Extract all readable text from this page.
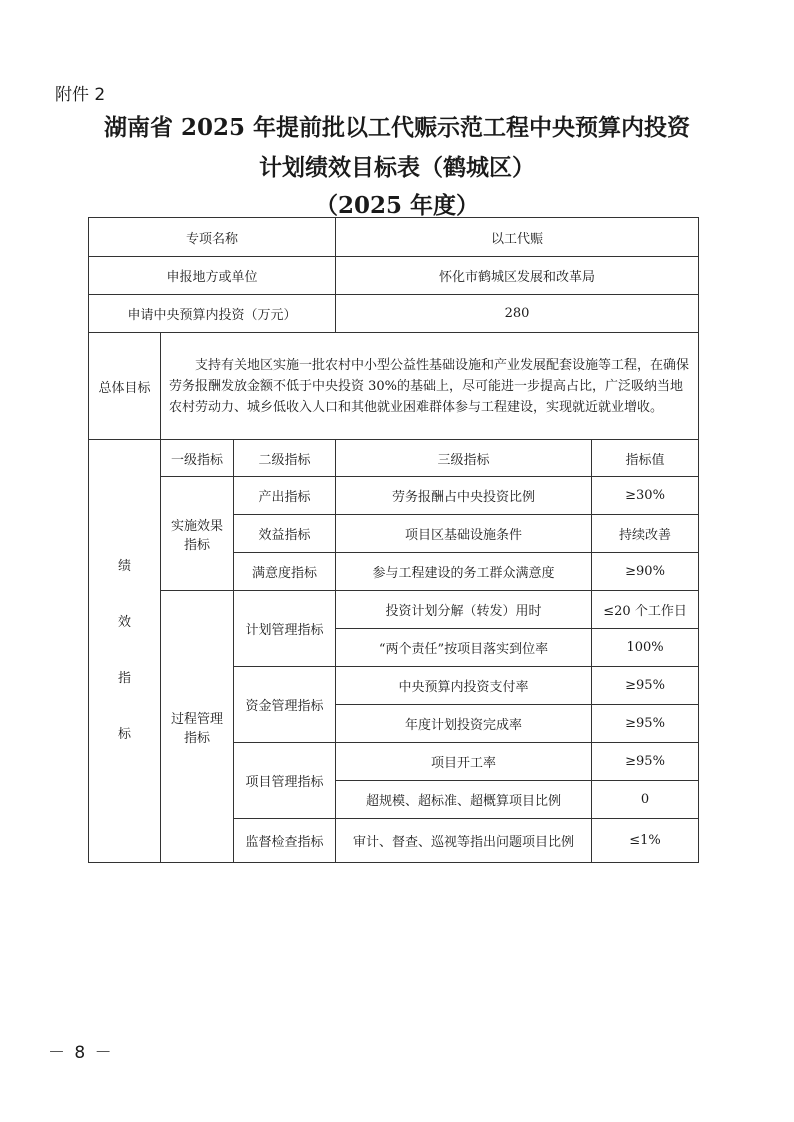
附件 2
湖南省 2025 年提前批以工代赈示范工程中央预算内投资
计划绩效目标表（鹤城区）
（2025 年度）
专项名称			以工代赈	
申报地方或单位			怀化市鹤城区发展和改革局	
申请中央预算内投资（万元）			280	
总体目标	支持有关地区实施一批农村中小型公益性基础设施和产业发展配套设施等工程，在确保劳务报酬发放金额不低于中央投资 30%的基础上，尽可能进一步提高占比，广泛吸纳当地农村劳动力、城乡低收入人口和其他就业困难群体参与工程建设，实现就近就业增收。			

绩
效
指
标	一级指标	二级指标	三级指标	指标值
	实施效果指标	产出指标	劳务报酬占中央投资比例	≥30%
		效益指标	项目区基础设施条件	持续改善
		满意度指标	参与工程建设的务工群众满意度	≥90%
	过程管理指标	计划管理指标	投资计划分解（转发）用时	≤20 个工作日
			“两个责任”按项目落实到位率	100%
		资金管理指标	中央预算内投资支付率	≥95%
			年度计划投资完成率	≥95%
		项目管理指标	项目开工率	≥95%
			超规模、超标准、超概算项目比例	0
		监督检查指标	审计、督查、巡视等指出问题项目比例	≤1%
－ 8 －
